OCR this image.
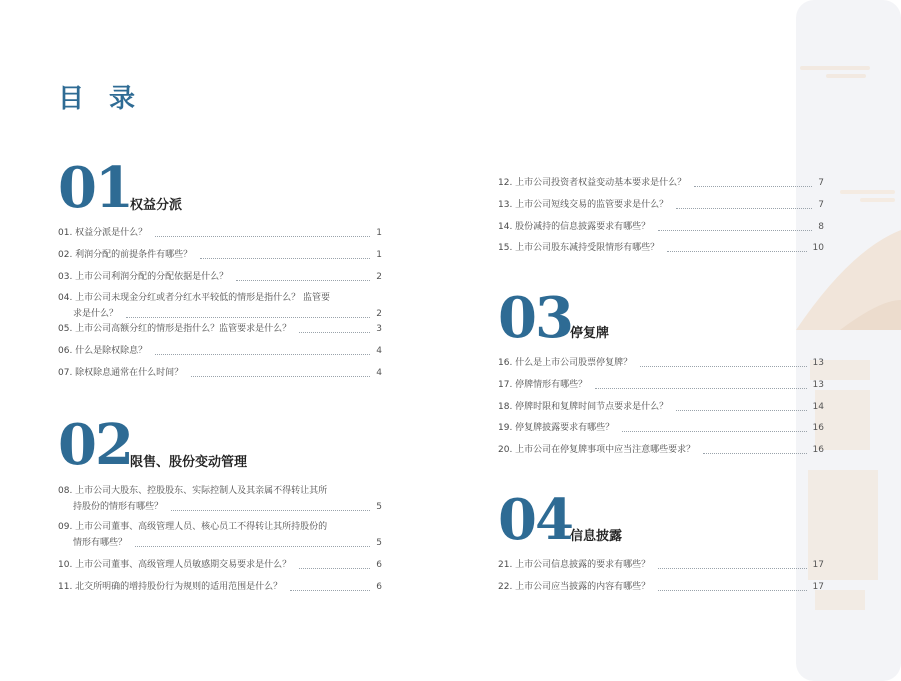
目 录
01
权益分派
01. 权益分派是什么？	1
02. 利润分配的前提条件有哪些？	1
03. 上市公司利润分配的分配依据是什么？	2
04. 上市公司未现金分红或者分红水平较低的情形是指什么？ 监管要
求是什么？	2
05. 上市公司高额分红的情形是指什么？监管要求是什么？	3
06. 什么是除权除息？	4
07. 除权除息通常在什么时间？	4
02
限售、股份变动管理
08. 上市公司大股东、控股股东、实际控制人及其亲属不得转让其所
持股份的情形有哪些？	5
09. 上市公司董事、高级管理人员、核心员工不得转让其所持股份的
情形有哪些？	5
10. 上市公司董事、高级管理人员敏感期交易要求是什么？	6
11. 北交所明确的增持股份行为规则的适用范围是什么？	6
12. 上市公司投资者权益变动基本要求是什么？	7
13. 上市公司短线交易的监管要求是什么？	7
14. 股份减持的信息披露要求有哪些？	8
15. 上市公司股东减持受限情形有哪些？	10
03
停复牌
16. 什么是上市公司股票停复牌？	13
17. 停牌情形有哪些？	13
18. 停牌时限和复牌时间节点要求是什么？	14
19. 停复牌披露要求有哪些？	16
20. 上市公司在停复牌事项中应当注意哪些要求？	16
04
信息披露
21. 上市公司信息披露的要求有哪些？	17
22. 上市公司应当披露的内容有哪些？	17
